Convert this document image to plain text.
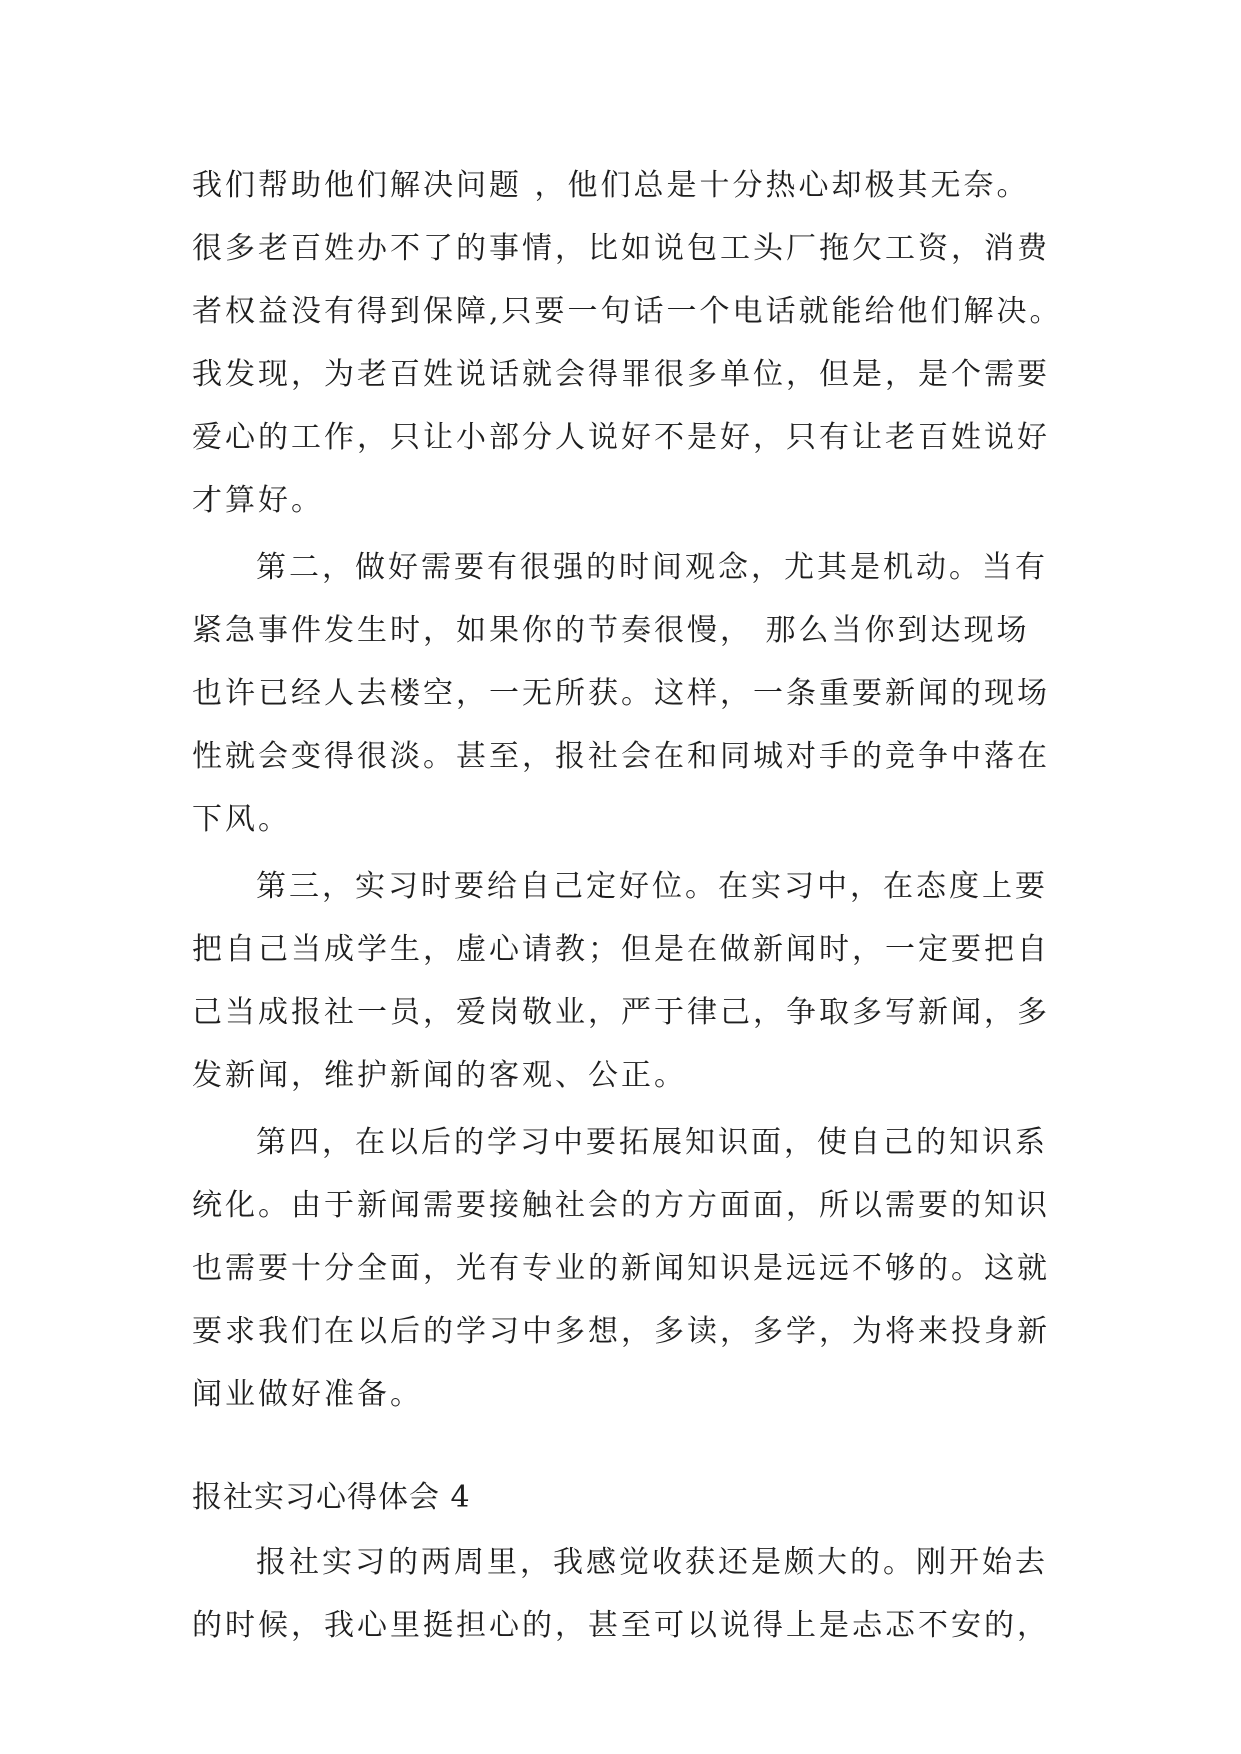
我们帮助他们解决问题 ，他们总是十分热心却极其无奈。
很多老百姓办不了的事情，比如说包工头厂拖欠工资，消费
者权益没有得到保障,只要一句话一个电话就能给他们解决。
我发现，为老百姓说话就会得罪很多单位，但是，是个需要
爱心的工作，只让小部分人说好不是好，只有让老百姓说好
才算好。
第二，做好需要有很强的时间观念，尤其是机动。当有
紧急事件发生时，如果你的节奏很慢， 那么当你到达现场
也许已经人去楼空，一无所获。这样，一条重要新闻的现场
性就会变得很淡。甚至，报社会在和同城对手的竞争中落在
下风。
第三，实习时要给自己定好位。在实习中，在态度上要
把自己当成学生，虚心请教；但是在做新闻时，一定要把自
己当成报社一员，爱岗敬业，严于律己，争取多写新闻，多
发新闻，维护新闻的客观、公正。
第四，在以后的学习中要拓展知识面，使自己的知识系
统化。由于新闻需要接触社会的方方面面，所以需要的知识
也需要十分全面，光有专业的新闻知识是远远不够的。这就
要求我们在以后的学习中多想，多读，多学，为将来投身新
闻业做好准备。
报社实习心得体会 4
报社实习的两周里，我感觉收获还是颇大的。刚开始去
的时候，我心里挺担心的，甚至可以说得上是忐忑不安的，
